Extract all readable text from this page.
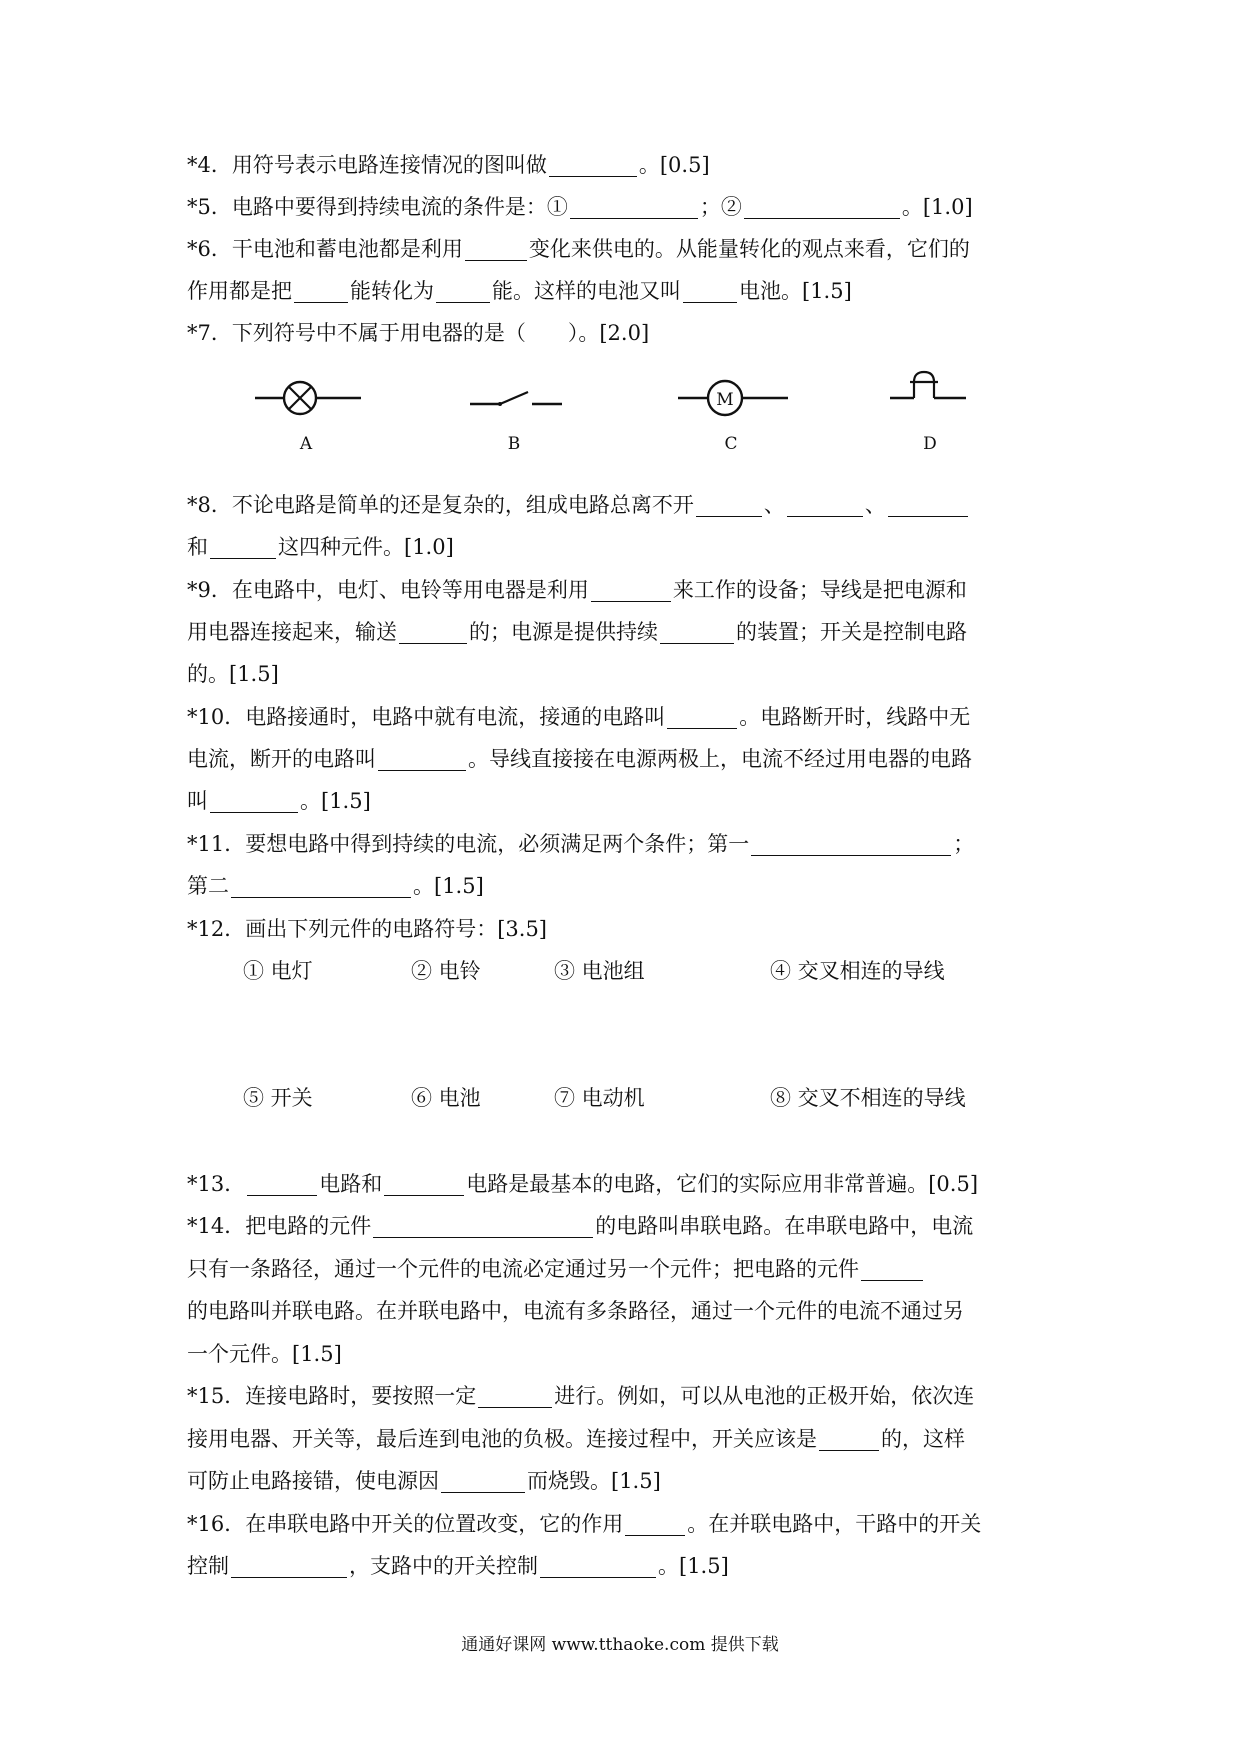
*4．用符号表示电路连接情况的图叫做	。[0.5]
*5．电路中要得到持续电流的条件是：①	；②	。[1.0]
*6．干电池和蓄电池都是利用	变化来供电的。从能量转化的观点来看，它们的
作用都是把	能转化为	能。这样的电池又叫	电池。[1.5]
*7．下列符号中不属于用电器的是（　　）。[2.0]
M
A	B	C	D
*8．不论电路是简单的还是复杂的，组成电路总离不开	、	、
和	这四种元件。[1.0]
*9．在电路中，电灯、电铃等用电器是利用	来工作的设备；导线是把电源和
用电器连接起来，输送	的；电源是提供持续	的装置；开关是控制电路
的。[1.5]
*10．电路接通时，电路中就有电流，接通的电路叫	。电路断开时，线路中无
电流，断开的电路叫	。导线直接接在电源两极上，电流不经过用电器的电路
叫	。[1.5]
*11．要想电路中得到持续的电流，必须满足两个条件；第一	；
第二	。[1.5]
*12．画出下列元件的电路符号：[3.5]
① 电灯	② 电铃	③ 电池组	④ 交叉相连的导线
⑤ 开关	⑥ 电池	⑦ 电动机	⑧ 交叉不相连的导线
*13．	电路和	电路是最基本的电路，它们的实际应用非常普遍。[0.5]
*14．把电路的元件	的电路叫串联电路。在串联电路中，电流
只有一条路径，通过一个元件的电流必定通过另一个元件；把电路的元件
的电路叫并联电路。在并联电路中，电流有多条路径，通过一个元件的电流不通过另
一个元件。[1.5]
*15．连接电路时，要按照一定	进行。例如，可以从电池的正极开始，依次连
接用电器、开关等，最后连到电池的负极。连接过程中，开关应该是	的，这样
可防止电路接错，使电源因	而烧毁。[1.5]
*16．在串联电路中开关的位置改变，它的作用	。在并联电路中，干路中的开关
控制	，支路中的开关控制	。[1.5]
通通好课网 www.tthaoke.com 提供下载
